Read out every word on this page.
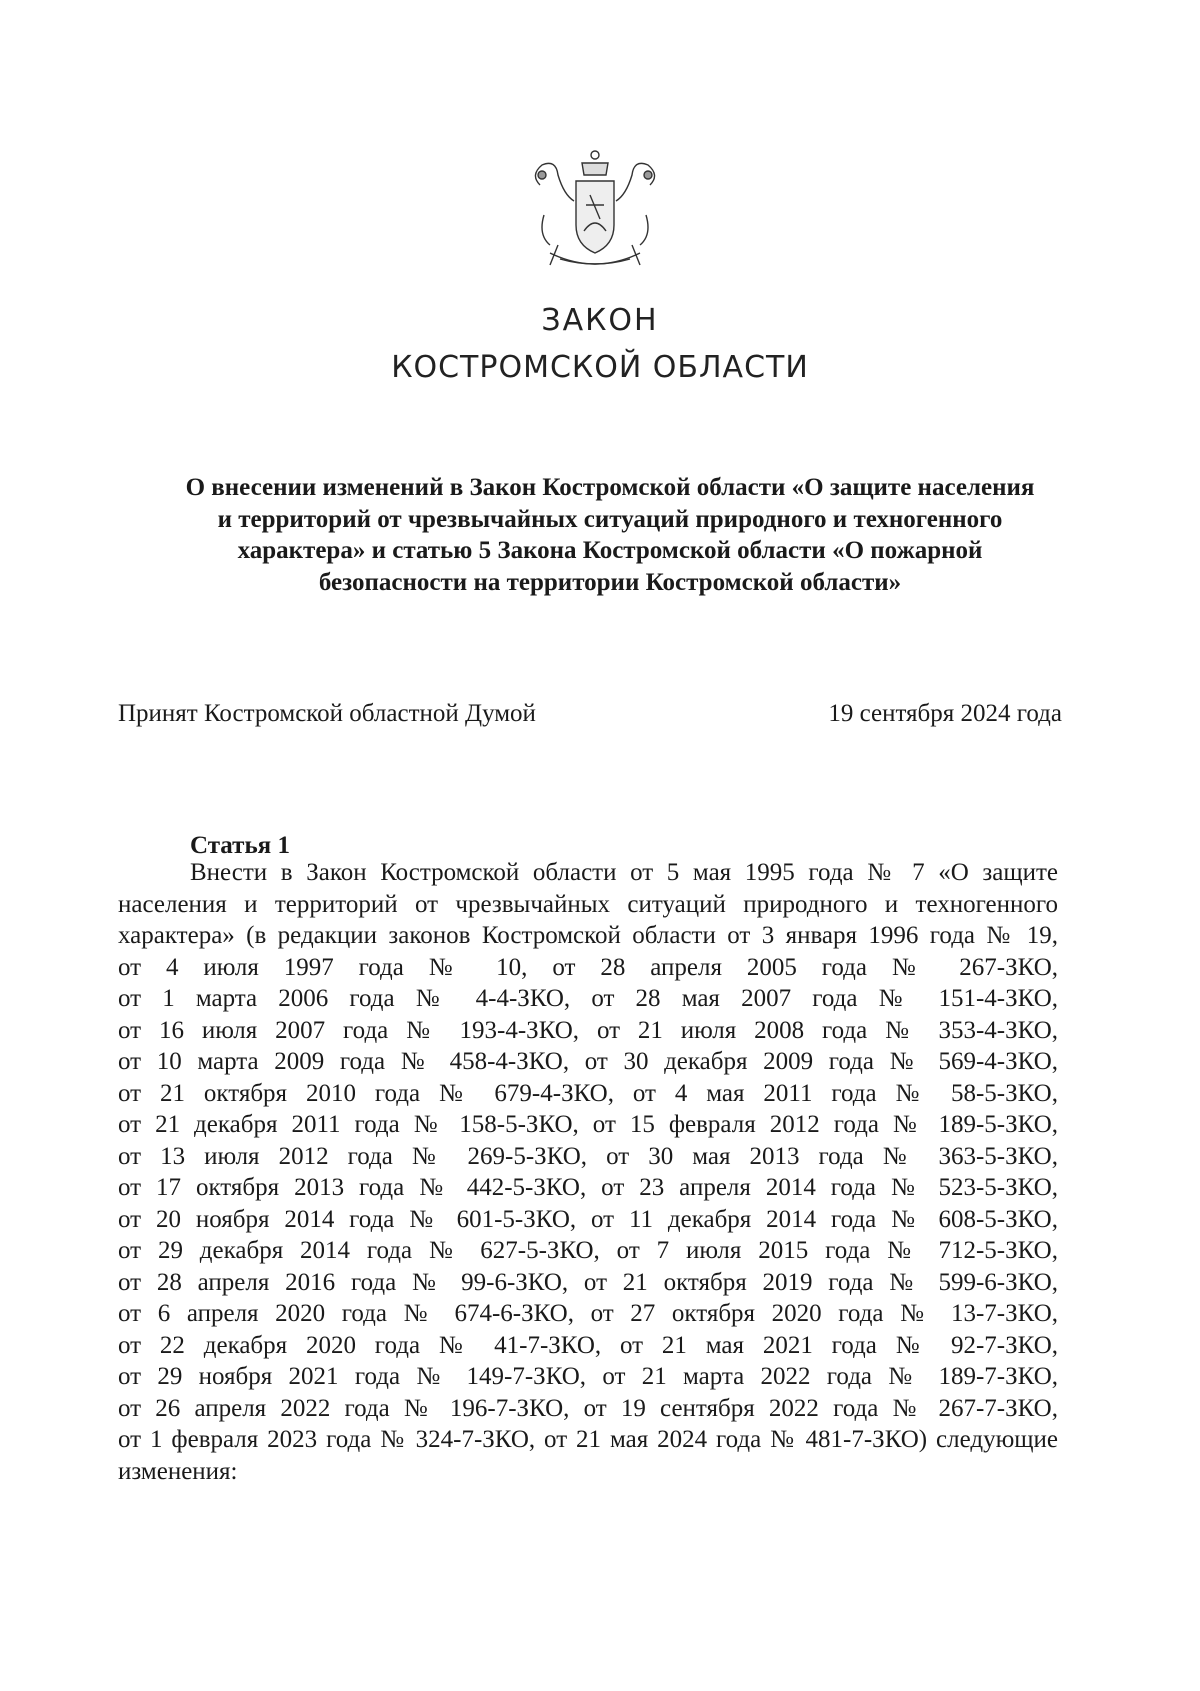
ЗАКОН
КОСТРОМСКОЙ ОБЛАСТИ
О внесении изменений в Закон Костромской области «О защите населения
и территорий от чрезвычайных ситуаций природного и техногенного
характера» и статью 5 Закона Костромской области «О пожарной
безопасности на территории Костромской области»
Принят Костромской областной Думой	19 сентября 2024 года
Статья 1
Внести в Закон Костромской области от 5 мая 1995 года № 7 «О защите
населения и территорий от чрезвычайных ситуаций природного и техногенного
характера» (в редакции законов Костромской области от 3 января 1996 года № 19,
от 4 июля 1997 года № 10, от 28 апреля 2005 года № 267-ЗКО,
от 1 марта 2006 года № 4-4-ЗКО, от 28 мая 2007 года № 151-4-ЗКО,
от 16 июля 2007 года № 193-4-ЗКО, от 21 июля 2008 года № 353-4-ЗКО,
от 10 марта 2009 года № 458-4-ЗКО, от 30 декабря 2009 года № 569-4-ЗКО,
от 21 октября 2010 года № 679-4-ЗКО, от 4 мая 2011 года № 58-5-ЗКО,
от 21 декабря 2011 года № 158-5-ЗКО, от 15 февраля 2012 года № 189-5-ЗКО,
от 13 июля 2012 года № 269-5-ЗКО, от 30 мая 2013 года № 363-5-ЗКО,
от 17 октября 2013 года № 442-5-ЗКО, от 23 апреля 2014 года № 523-5-ЗКО,
от 20 ноября 2014 года № 601-5-ЗКО, от 11 декабря 2014 года № 608-5-ЗКО,
от 29 декабря 2014 года № 627-5-ЗКО, от 7 июля 2015 года № 712-5-ЗКО,
от 28 апреля 2016 года № 99-6-ЗКО, от 21 октября 2019 года № 599-6-ЗКО,
от 6 апреля 2020 года № 674-6-ЗКО, от 27 октября 2020 года № 13-7-ЗКО,
от 22 декабря 2020 года № 41-7-ЗКО, от 21 мая 2021 года № 92-7-ЗКО,
от 29 ноября 2021 года № 149-7-ЗКО, от 21 марта 2022 года № 189-7-ЗКО,
от 26 апреля 2022 года № 196-7-ЗКО, от 19 сентября 2022 года № 267-7-ЗКО,
от 1 февраля 2023 года № 324-7-ЗКО, от 21 мая 2024 года № 481-7-ЗКО) следующие
изменения:
